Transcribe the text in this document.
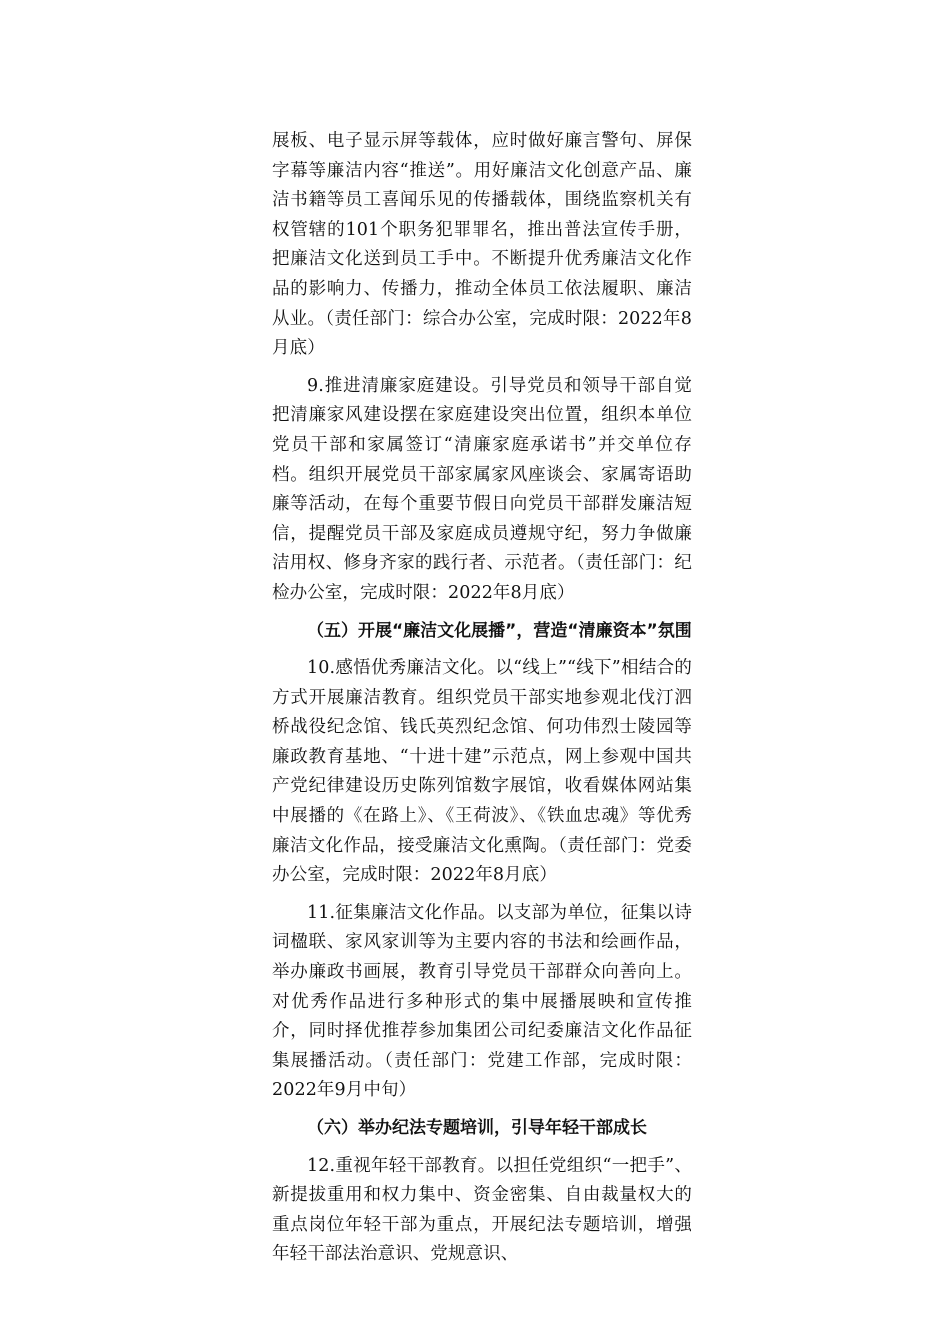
展板、电子显示屏等载体，应时做好廉言警句、屏保字幕等廉洁内容“推送”。用好廉洁文化创意产品、廉洁书籍等员工喜闻乐见的传播载体，围绕监察机关有权管辖的101个职务犯罪罪名，推出普法宣传手册，把廉洁文化送到员工手中。不断提升优秀廉洁文化作品的影响力、传播力，推动全体员工依法履职、廉洁从业。（责任部门：综合办公室，完成时限：2022年8月底）

9.推进清廉家庭建设。引导党员和领导干部自觉把清廉家风建设摆在家庭建设突出位置，组织本单位党员干部和家属签订“清廉家庭承诺书”并交单位存档。组织开展党员干部家属家风座谈会、家属寄语助廉等活动，在每个重要节假日向党员干部群发廉洁短信，提醒党员干部及家庭成员遵规守纪，努力争做廉洁用权、修身齐家的践行者、示范者。（责任部门：纪检办公室，完成时限：2022年8月底）

（五）开展“廉洁文化展播”，营造“清廉资本”氛围

10.感悟优秀廉洁文化。以“线上”“线下”相结合的方式开展廉洁教育。组织党员干部实地参观北伐汀泗桥战役纪念馆、钱氏英烈纪念馆、何功伟烈士陵园等廉政教育基地、“十进十建”示范点，网上参观中国共产党纪律建设历史陈列馆数字展馆，收看媒体网站集中展播的《在路上》、《王荷波》、《铁血忠魂》等优秀廉洁文化作品，接受廉洁文化熏陶。（责任部门：党委办公室，完成时限：2022年8月底）

11.征集廉洁文化作品。以支部为单位，征集以诗词楹联、家风家训等为主要内容的书法和绘画作品，举办廉政书画展，教育引导党员干部群众向善向上。对优秀作品进行多种形式的集中展播展映和宣传推介，同时择优推荐参加集团公司纪委廉洁文化作品征集展播活动。（责任部门：党建工作部，完成时限：2022年9月中旬）

（六）举办纪法专题培训，引导年轻干部成长

12.重视年轻干部教育。以担任党组织“一把手”、新提拔重用和权力集中、资金密集、自由裁量权大的重点岗位年轻干部为重点，开展纪法专题培训，增强年轻干部法治意识、党规意识、
